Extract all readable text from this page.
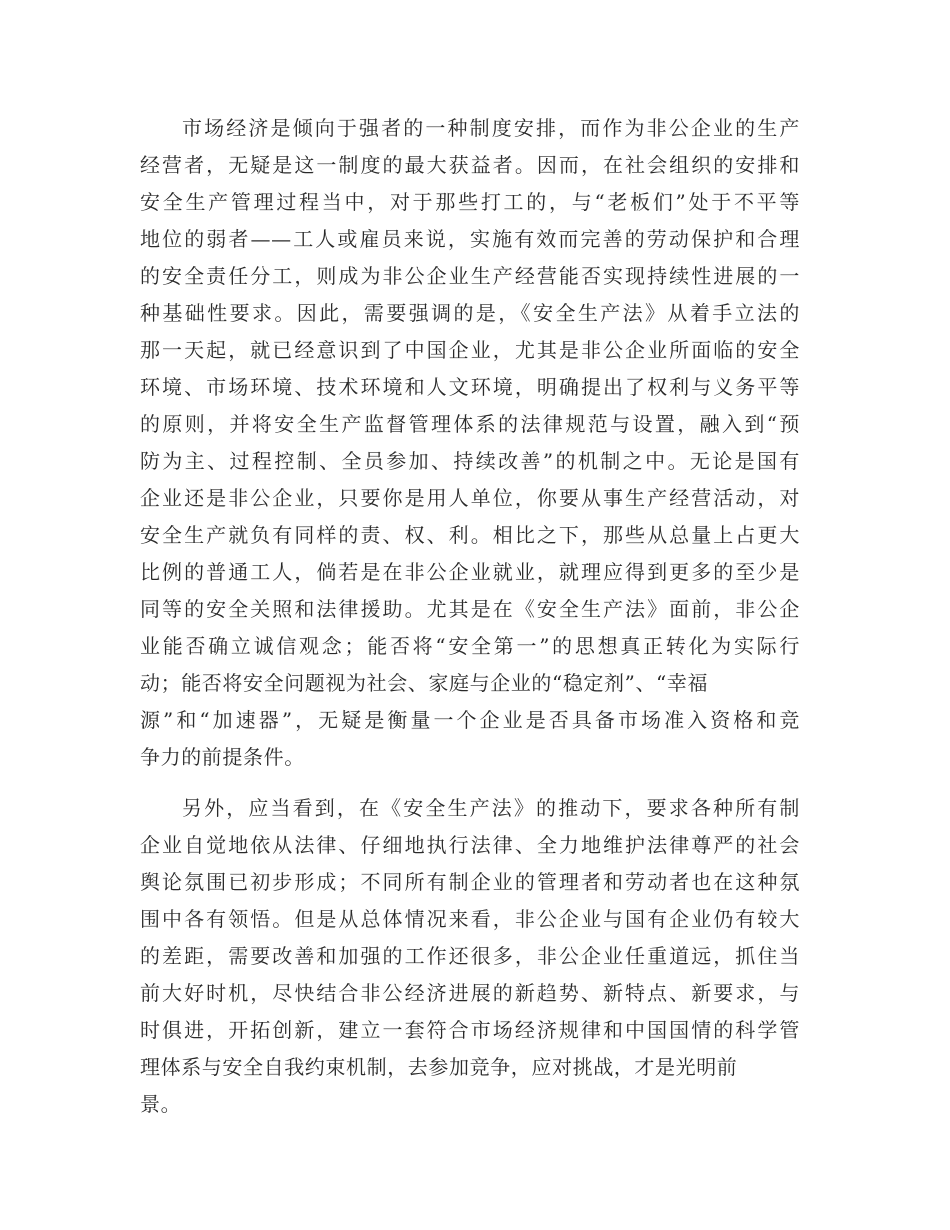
市场经济是倾向于强者的一种制度安排，而作为非公企业的生产
经营者，无疑是这一制度的最大获益者。因而，在社会组织的安排和
安全生产管理过程当中，对于那些打工的，与“老板们”处于不平等
地位的弱者——工人或雇员来说，实施有效而完善的劳动保护和合理
的安全责任分工，则成为非公企业生产经营能否实现持续性进展的一
种基础性要求。因此，需要强调的是，《安全生产法》从着手立法的
那一天起，就已经意识到了中国企业，尤其是非公企业所面临的安全
环境、市场环境、技术环境和人文环境，明确提出了权利与义务平等
的原则，并将安全生产监督管理体系的法律规范与设置，融入到“预
防为主、过程控制、全员参加、持续改善”的机制之中。无论是国有
企业还是非公企业，只要你是用人单位，你要从事生产经营活动，对
安全生产就负有同样的责、权、利。相比之下，那些从总量上占更大
比例的普通工人，倘若是在非公企业就业，就理应得到更多的至少是
同等的安全关照和法律援助。尤其是在《安全生产法》面前，非公企
业能否确立诚信观念；能否将“安全第一”的思想真正转化为实际行
动；能否将安全问题视为社会、家庭与企业的“稳定剂”、“幸福
源”和“加速器”，无疑是衡量一个企业是否具备市场准入资格和竞
争力的前提条件。
另外，应当看到，在《安全生产法》的推动下，要求各种所有制
企业自觉地依从法律、仔细地执行法律、全力地维护法律尊严的社会
舆论氛围已初步形成；不同所有制企业的管理者和劳动者也在这种氛
围中各有领悟。但是从总体情况来看，非公企业与国有企业仍有较大
的差距，需要改善和加强的工作还很多，非公企业任重道远，抓住当
前大好时机，尽快结合非公经济进展的新趋势、新特点、新要求，与
时俱进，开拓创新，建立一套符合市场经济规律和中国国情的科学管
理体系与安全自我约束机制，去参加竞争，应对挑战，才是光明前
景。
